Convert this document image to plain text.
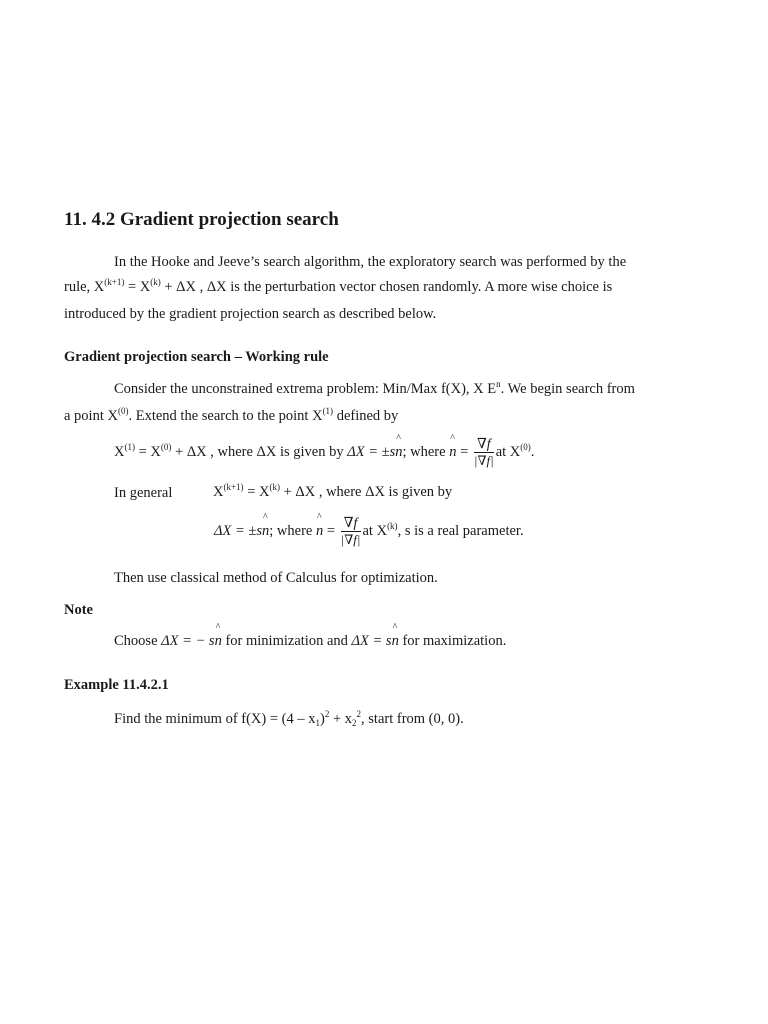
11. 4.2 Gradient projection search
In the Hooke and Jeeve’s search algorithm, the exploratory search was performed by the
rule, $X^{(k+1)} = X^{(k)} + \Delta X$ , ΔX is the perturbation vector chosen randomly. A more wise choice is
introduced by the gradient projection search as described below.
Gradient projection search – Working rule
Consider the unconstrained extrema problem: Min/Max f(X), X $E^n$. We begin search from
a point $X^{(0)}$. Extend the search to the point $X^{(1)}$ defined by
$X^{(1)} = X^{(0)} + \Delta X$ , where ΔX is given by ΔX = ±s^ n; where ^ $n = \frac{\nabla f}{|\nabla f|}$ at $X^{(0)}$.
In general	$X^{(k+1)} = X^{(k)} + \Delta X$ , where ΔX is given by
ΔX = ±s^ n; where ^ $n = \frac{\nabla f}{|\nabla f|}$ at $X^{(k)}$, s is a real parameter.
Then use classical method of Calculus for optimization.
Note
Choose ΔX = − s^ n for minimization and ΔX = s^ n for maximization.
Example 11.4.2.1
Find the minimum of $f(X) = (4 - x_1)^2 + x_2^2$, start from (0, 0).
